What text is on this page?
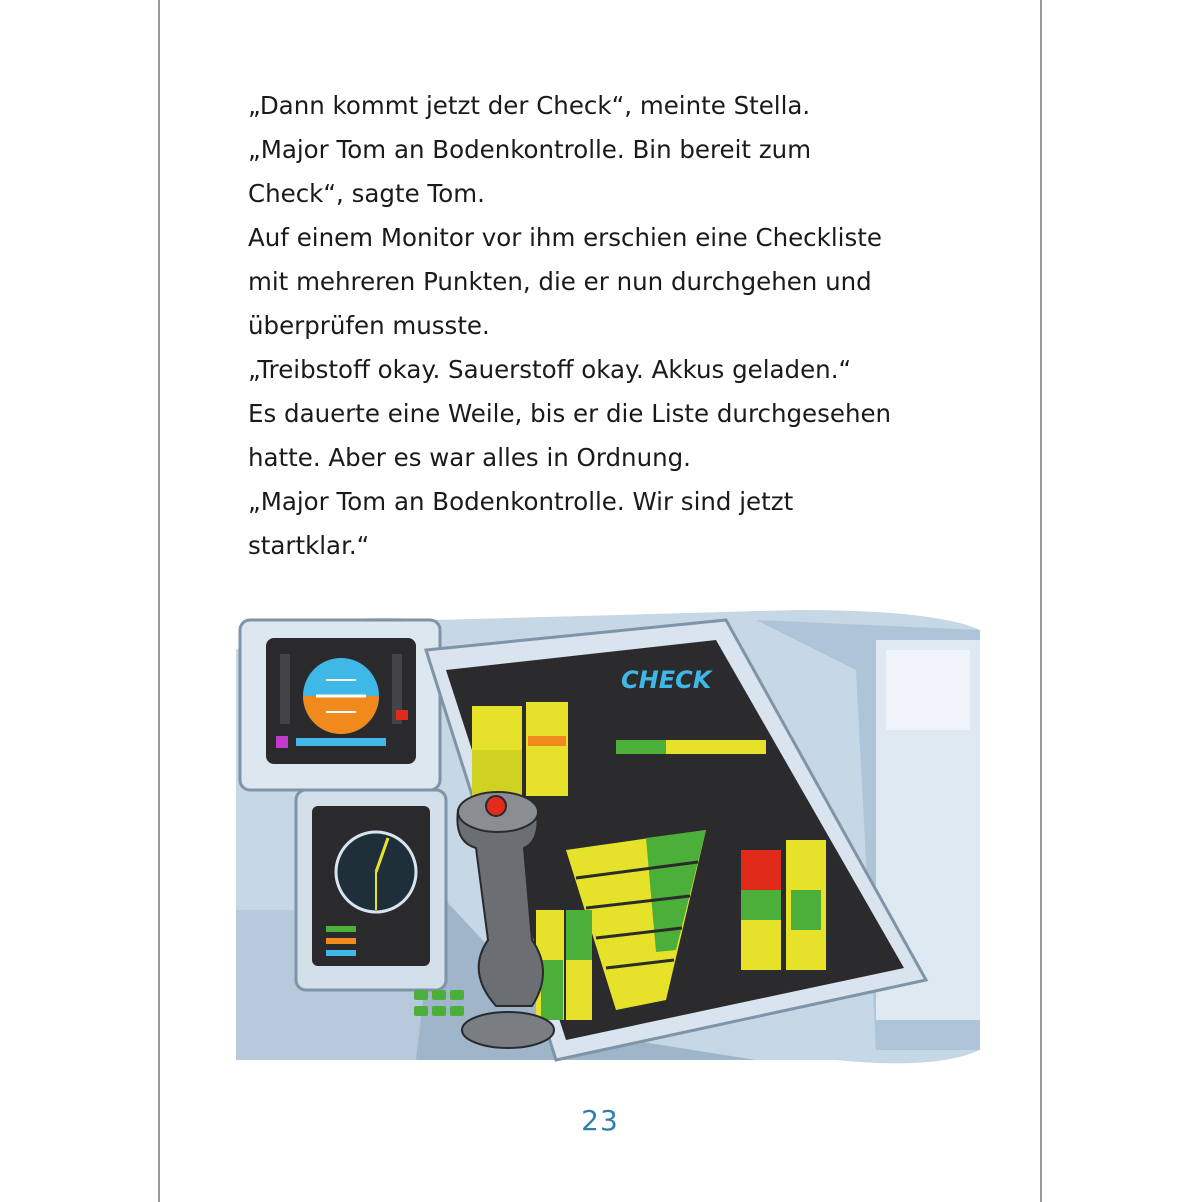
„Dann kommt jetzt der Check“, meinte Stella.
„Major Tom an Bodenkontrolle. Bin bereit zum
Check“, sagte Tom.
Auf einem Monitor vor ihm erschien eine Checkliste
mit mehreren Punkten, die er nun durchgehen und
überprüfen musste.
„Treibstoff okay. Sauerstoff okay. Akkus geladen.“
Es dauerte eine Weile, bis er die Liste durchgesehen
hatte. Aber es war alles in Ordnung.
„Major Tom an Bodenkontrolle. Wir sind jetzt
startklar.“
CHECK
23
